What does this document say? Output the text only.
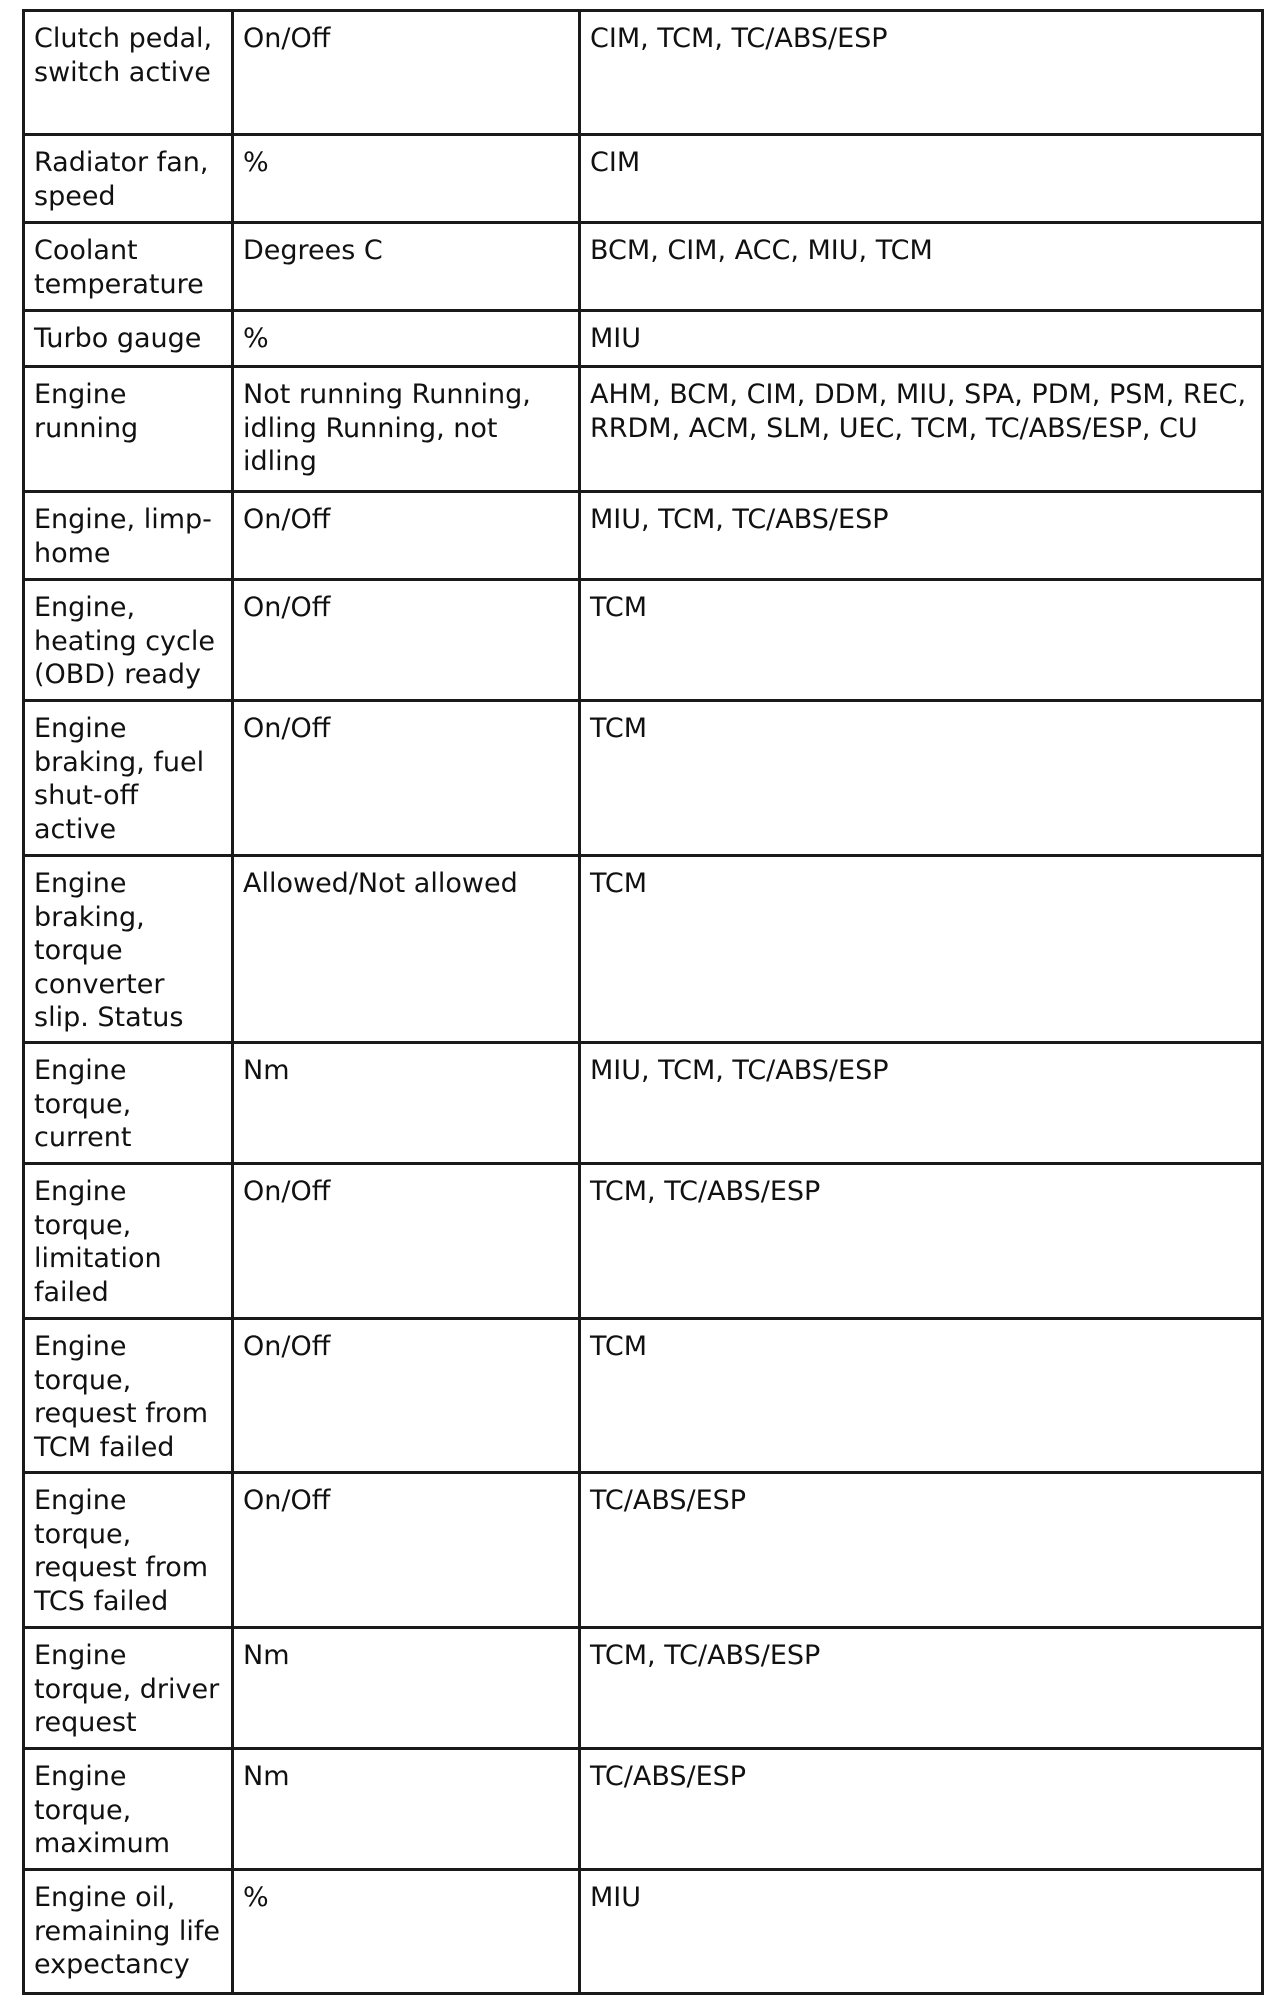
Clutch pedal, switch active	On/Off	CIM, TCM, TC/ABS/ESP
Radiator fan, speed	%	CIM
Coolant temperature	Degrees C	BCM, CIM, ACC, MIU, TCM
Turbo gauge	%	MIU
Engine running	Not running Running, idling Running, not idling	AHM, BCM, CIM, DDM, MIU, SPA, PDM, PSM, REC, RRDM, ACM, SLM, UEC, TCM, TC/ABS/ESP, CU
Engine, limp-home	On/Off	MIU, TCM, TC/ABS/ESP
Engine, heating cycle (OBD) ready	On/Off	TCM
Engine braking, fuel shut-off active	On/Off	TCM
Engine braking, torque converter slip. Status	Allowed/Not allowed	TCM
Engine torque, current	Nm	MIU, TCM, TC/ABS/ESP
Engine torque, limitation failed	On/Off	TCM, TC/ABS/ESP
Engine torque, request from TCM failed	On/Off	TCM
Engine torque, request from TCS failed	On/Off	TC/ABS/ESP
Engine torque, driver request	Nm	TCM, TC/ABS/ESP
Engine torque, maximum	Nm	TC/ABS/ESP
Engine oil, remaining life expectancy	%	MIU
